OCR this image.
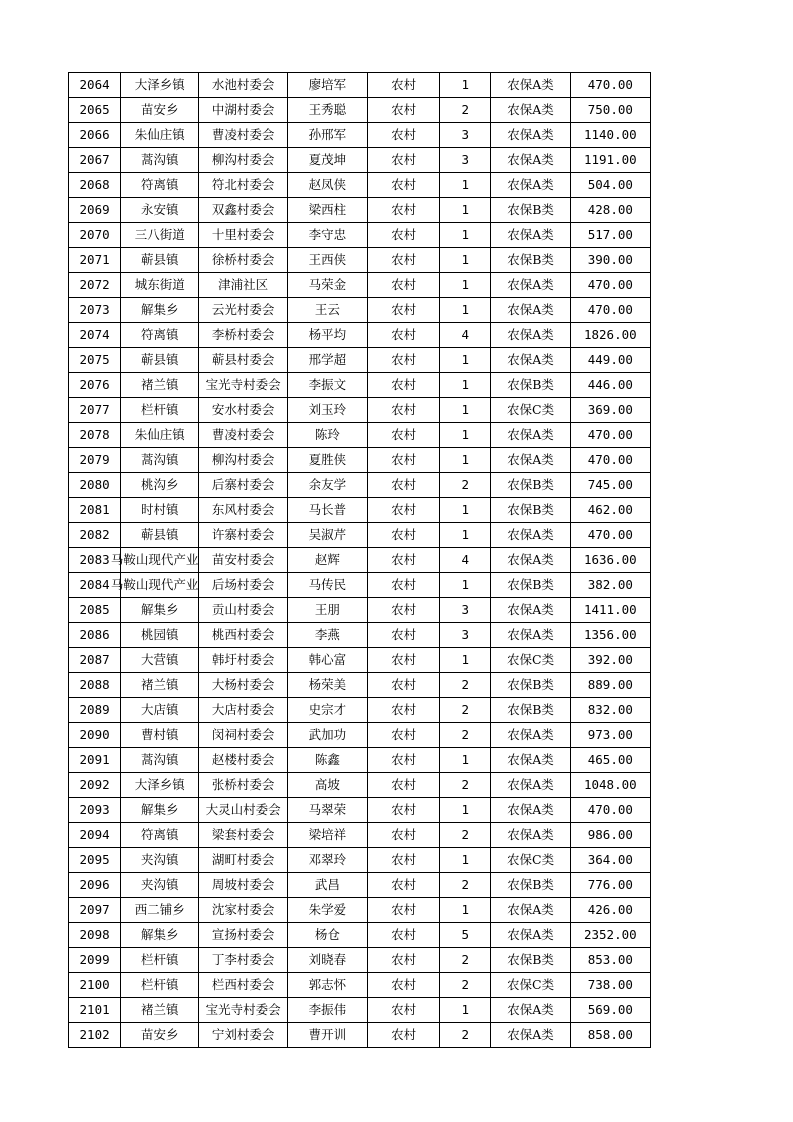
2064	大泽乡镇	水池村委会	廖培军	农村	1	农保A类	470.00
2065	苗安乡	中湖村委会	王秀聪	农村	2	农保A类	750.00
2066	朱仙庄镇	曹凌村委会	孙邢军	农村	3	农保A类	1140.00
2067	蒿沟镇	柳沟村委会	夏茂坤	农村	3	农保A类	1191.00
2068	符离镇	符北村委会	赵凤侠	农村	1	农保A类	504.00
2069	永安镇	双鑫村委会	梁西柱	农村	1	农保B类	428.00
2070	三八街道	十里村委会	李守忠	农村	1	农保A类	517.00
2071	蕲县镇	徐桥村委会	王西侠	农村	1	农保B类	390.00
2072	城东街道	津浦社区	马荣金	农村	1	农保A类	470.00
2073	解集乡	云光村委会	王云	农村	1	农保A类	470.00
2074	符离镇	李桥村委会	杨平均	农村	4	农保A类	1826.00
2075	蕲县镇	蕲县村委会	邢学超	农村	1	农保A类	449.00
2076	褚兰镇	宝光寺村委会	李振文	农村	1	农保B类	446.00
2077	栏杆镇	安水村委会	刘玉玲	农村	1	农保C类	369.00
2078	朱仙庄镇	曹凌村委会	陈玲	农村	1	农保A类	470.00
2079	蒿沟镇	柳沟村委会	夏胜侠	农村	1	农保A类	470.00
2080	桃沟乡	后寨村委会	余友学	农村	2	农保B类	745.00
2081	时村镇	东风村委会	马长普	农村	1	农保B类	462.00
2082	蕲县镇	许寨村委会	吴淑芹	农村	1	农保A类	470.00
2083	马鞍山现代产业	苗安村委会	赵辉	农村	4	农保A类	1636.00
2084	马鞍山现代产业	后场村委会	马传民	农村	1	农保B类	382.00
2085	解集乡	贡山村委会	王朋	农村	3	农保A类	1411.00
2086	桃园镇	桃西村委会	李燕	农村	3	农保A类	1356.00
2087	大营镇	韩圩村委会	韩心富	农村	1	农保C类	392.00
2088	褚兰镇	大杨村委会	杨荣美	农村	2	农保B类	889.00
2089	大店镇	大店村委会	史宗才	农村	2	农保B类	832.00
2090	曹村镇	闵祠村委会	武加功	农村	2	农保A类	973.00
2091	蒿沟镇	赵楼村委会	陈鑫	农村	1	农保A类	465.00
2092	大泽乡镇	张桥村委会	高坡	农村	2	农保A类	1048.00
2093	解集乡	大灵山村委会	马翠荣	农村	1	农保A类	470.00
2094	符离镇	梁套村委会	梁培祥	农村	2	农保A类	986.00
2095	夹沟镇	湖町村委会	邓翠玲	农村	1	农保C类	364.00
2096	夹沟镇	周坡村委会	武昌	农村	2	农保B类	776.00
2097	西二铺乡	沈家村委会	朱学爱	农村	1	农保A类	426.00
2098	解集乡	宣扬村委会	杨仓	农村	5	农保A类	2352.00
2099	栏杆镇	丁李村委会	刘晓春	农村	2	农保B类	853.00
2100	栏杆镇	栏西村委会	郭志怀	农村	2	农保C类	738.00
2101	褚兰镇	宝光寺村委会	李振伟	农村	1	农保A类	569.00
2102	苗安乡	宁刘村委会	曹开训	农村	2	农保A类	858.00
